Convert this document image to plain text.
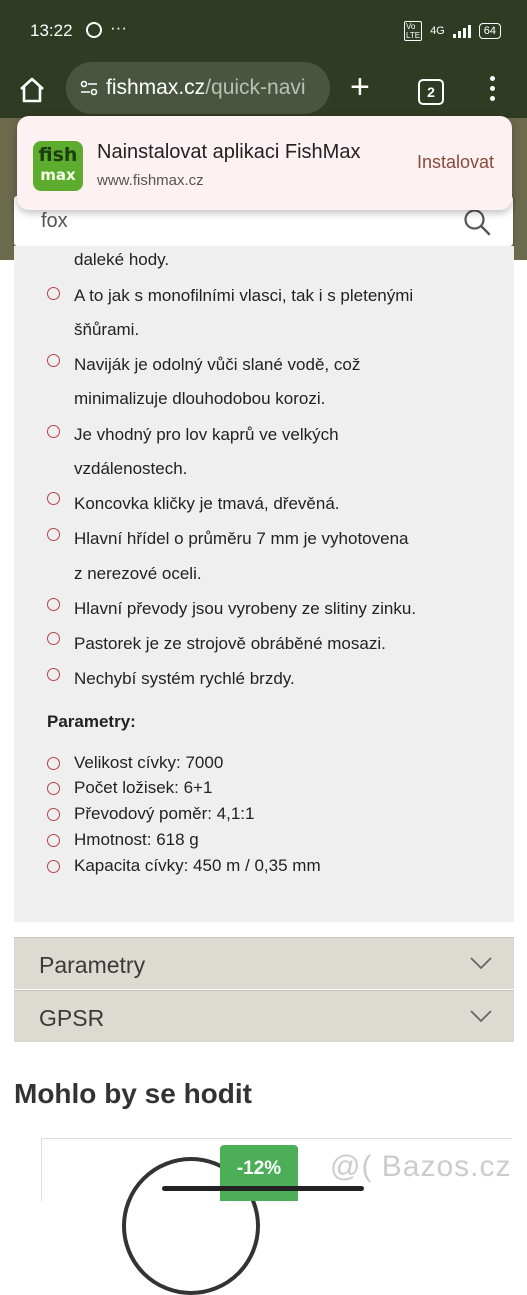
13:22 ···	Vo
LTE 4G	64
fishmax.cz/quick-navi +	2
fox
fish
max
Nainstalovat aplikaci FishMax
www.fishmax.cz
Instalovat
daleké hody.
A to jak s monofilními vlasci, tak i s pletenými
šňůrami.
Naviják je odolný vůči slané vodě, což
minimalizuje dlouhodobou korozi.
Je vhodný pro lov kaprů ve velkých
vzdálenostech.
Koncovka kličky je tmavá, dřevěná.
Hlavní hřídel o průměru 7 mm je vyhotovena
z nerezové oceli.
Hlavní převody jsou vyrobeny ze slitiny zinku.
Pastorek je ze strojově obráběné mosazi.
Nechybí systém rychlé brzdy.
Parametry:
Velikost cívky: 7000
Počet ložisek: 6+1
Převodový poměr: 4,1:1
Hmotnost: 618 g
Kapacita cívky: 450 m / 0,35 mm
Parametry
GPSR
Mohlo by se hodit
-12%	@( Bazos.cz
